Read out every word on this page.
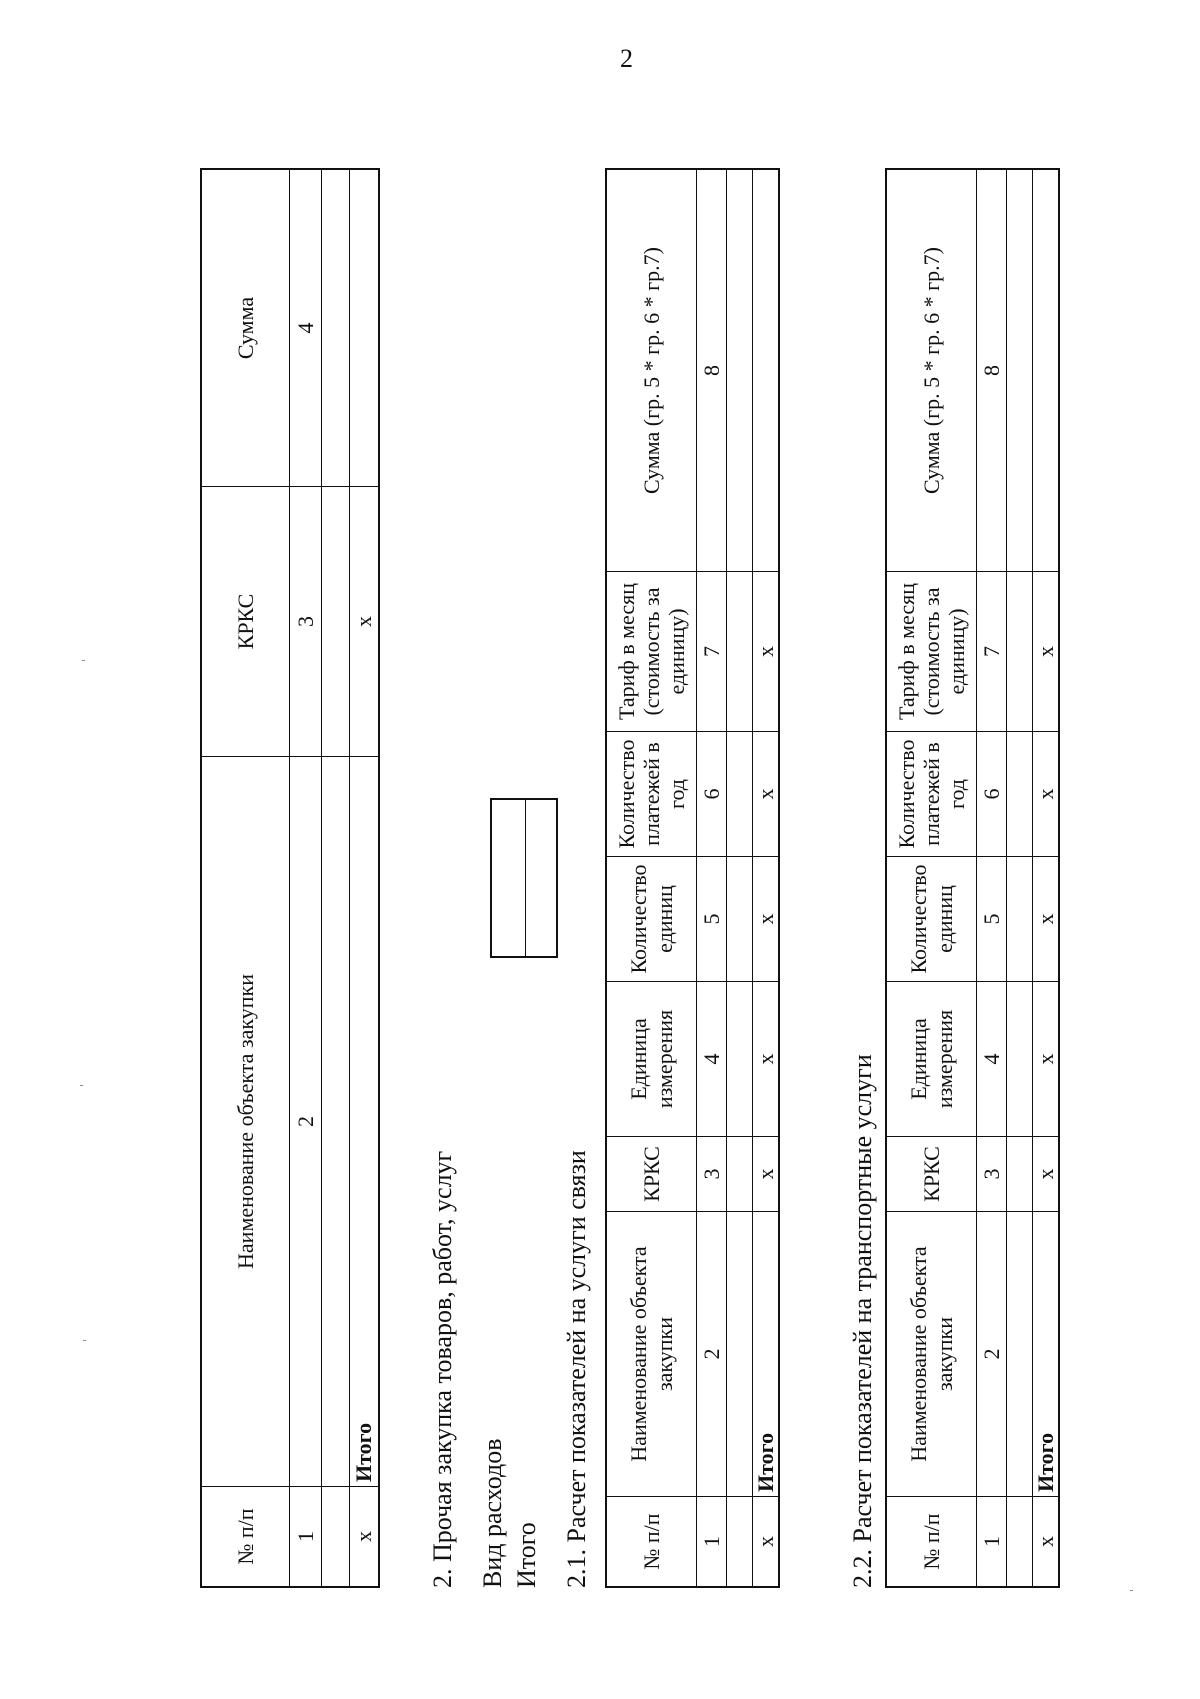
2
№ п/п
Наименование объекта закупки
КРКС
Сумма
1
2
3
4
х
Итого
х
2. Прочая закупка товаров, работ, услуг Вид расходов Итого 2.1. Расчет показателей на услуги связи	№ п/п
Наименование объекта закупки
КРКС
Единица измерения
Количество единиц
Количество платежей в год
Тариф в месяц (стоимость за единицу)
Сумма (гр. 5 * гр. 6 * гр.7)
1
2
3
4
5
6
7
8
х
Итого
х
х
х
х
х
2.2. Расчет показателей на транспортные услуги	№ п/п
Наименование объекта закупки
КРКС
Единица измерения
Количество единиц
Количество платежей в год
Тариф в месяц (стоимость за единицу)
Сумма (гр. 5 * гр. 6 * гр.7)
1
2
3
4
5
6
7
8
х
Итого
х
х
х
х
х
